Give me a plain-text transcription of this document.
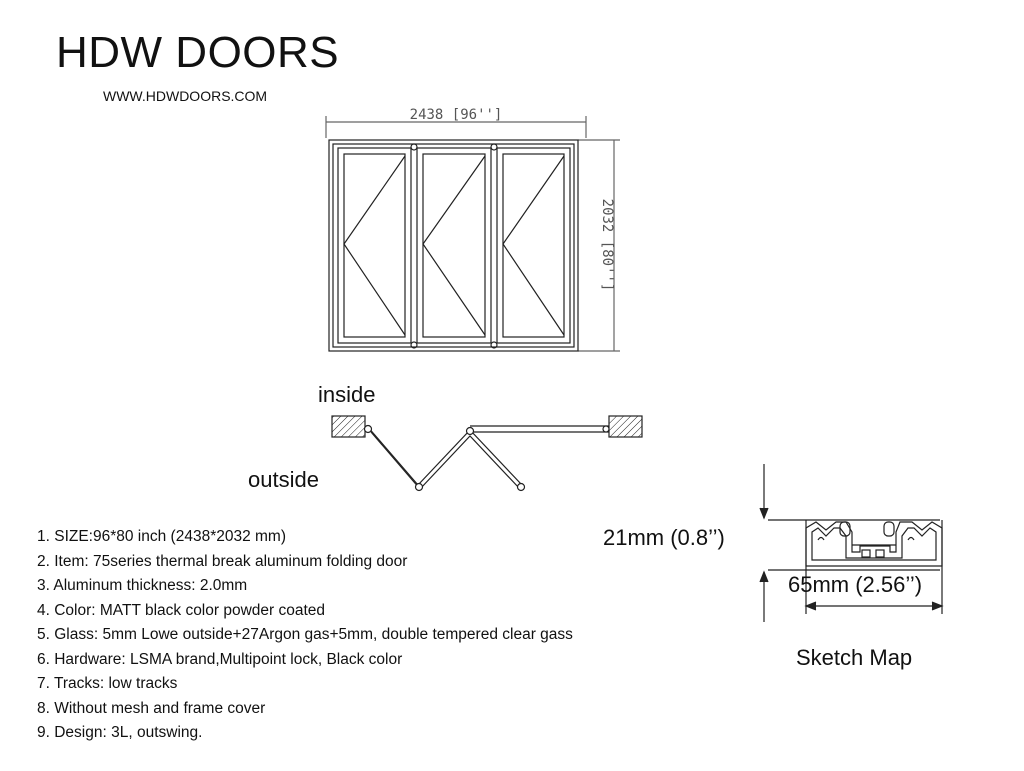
HDW DOORS
WWW.HDWDOORS.COM
2438 [96'']
2032 [80'']
inside
outside
21mm (0.8’’)
65mm (2.56’’)
Sketch Map
1. SIZE:96*80 inch (2438*2032 mm)
2. Item: 75series thermal break aluminum folding door
3. Aluminum thickness: 2.0mm
4. Color: MATT black color powder coated
5. Glass: 5mm Lowe outside+27Argon gas+5mm, double tempered clear gass
6. Hardware: LSMA brand,Multipoint lock, Black color
7. Tracks: low tracks
8. Without mesh and frame cover
9. Design: 3L, outswing.
